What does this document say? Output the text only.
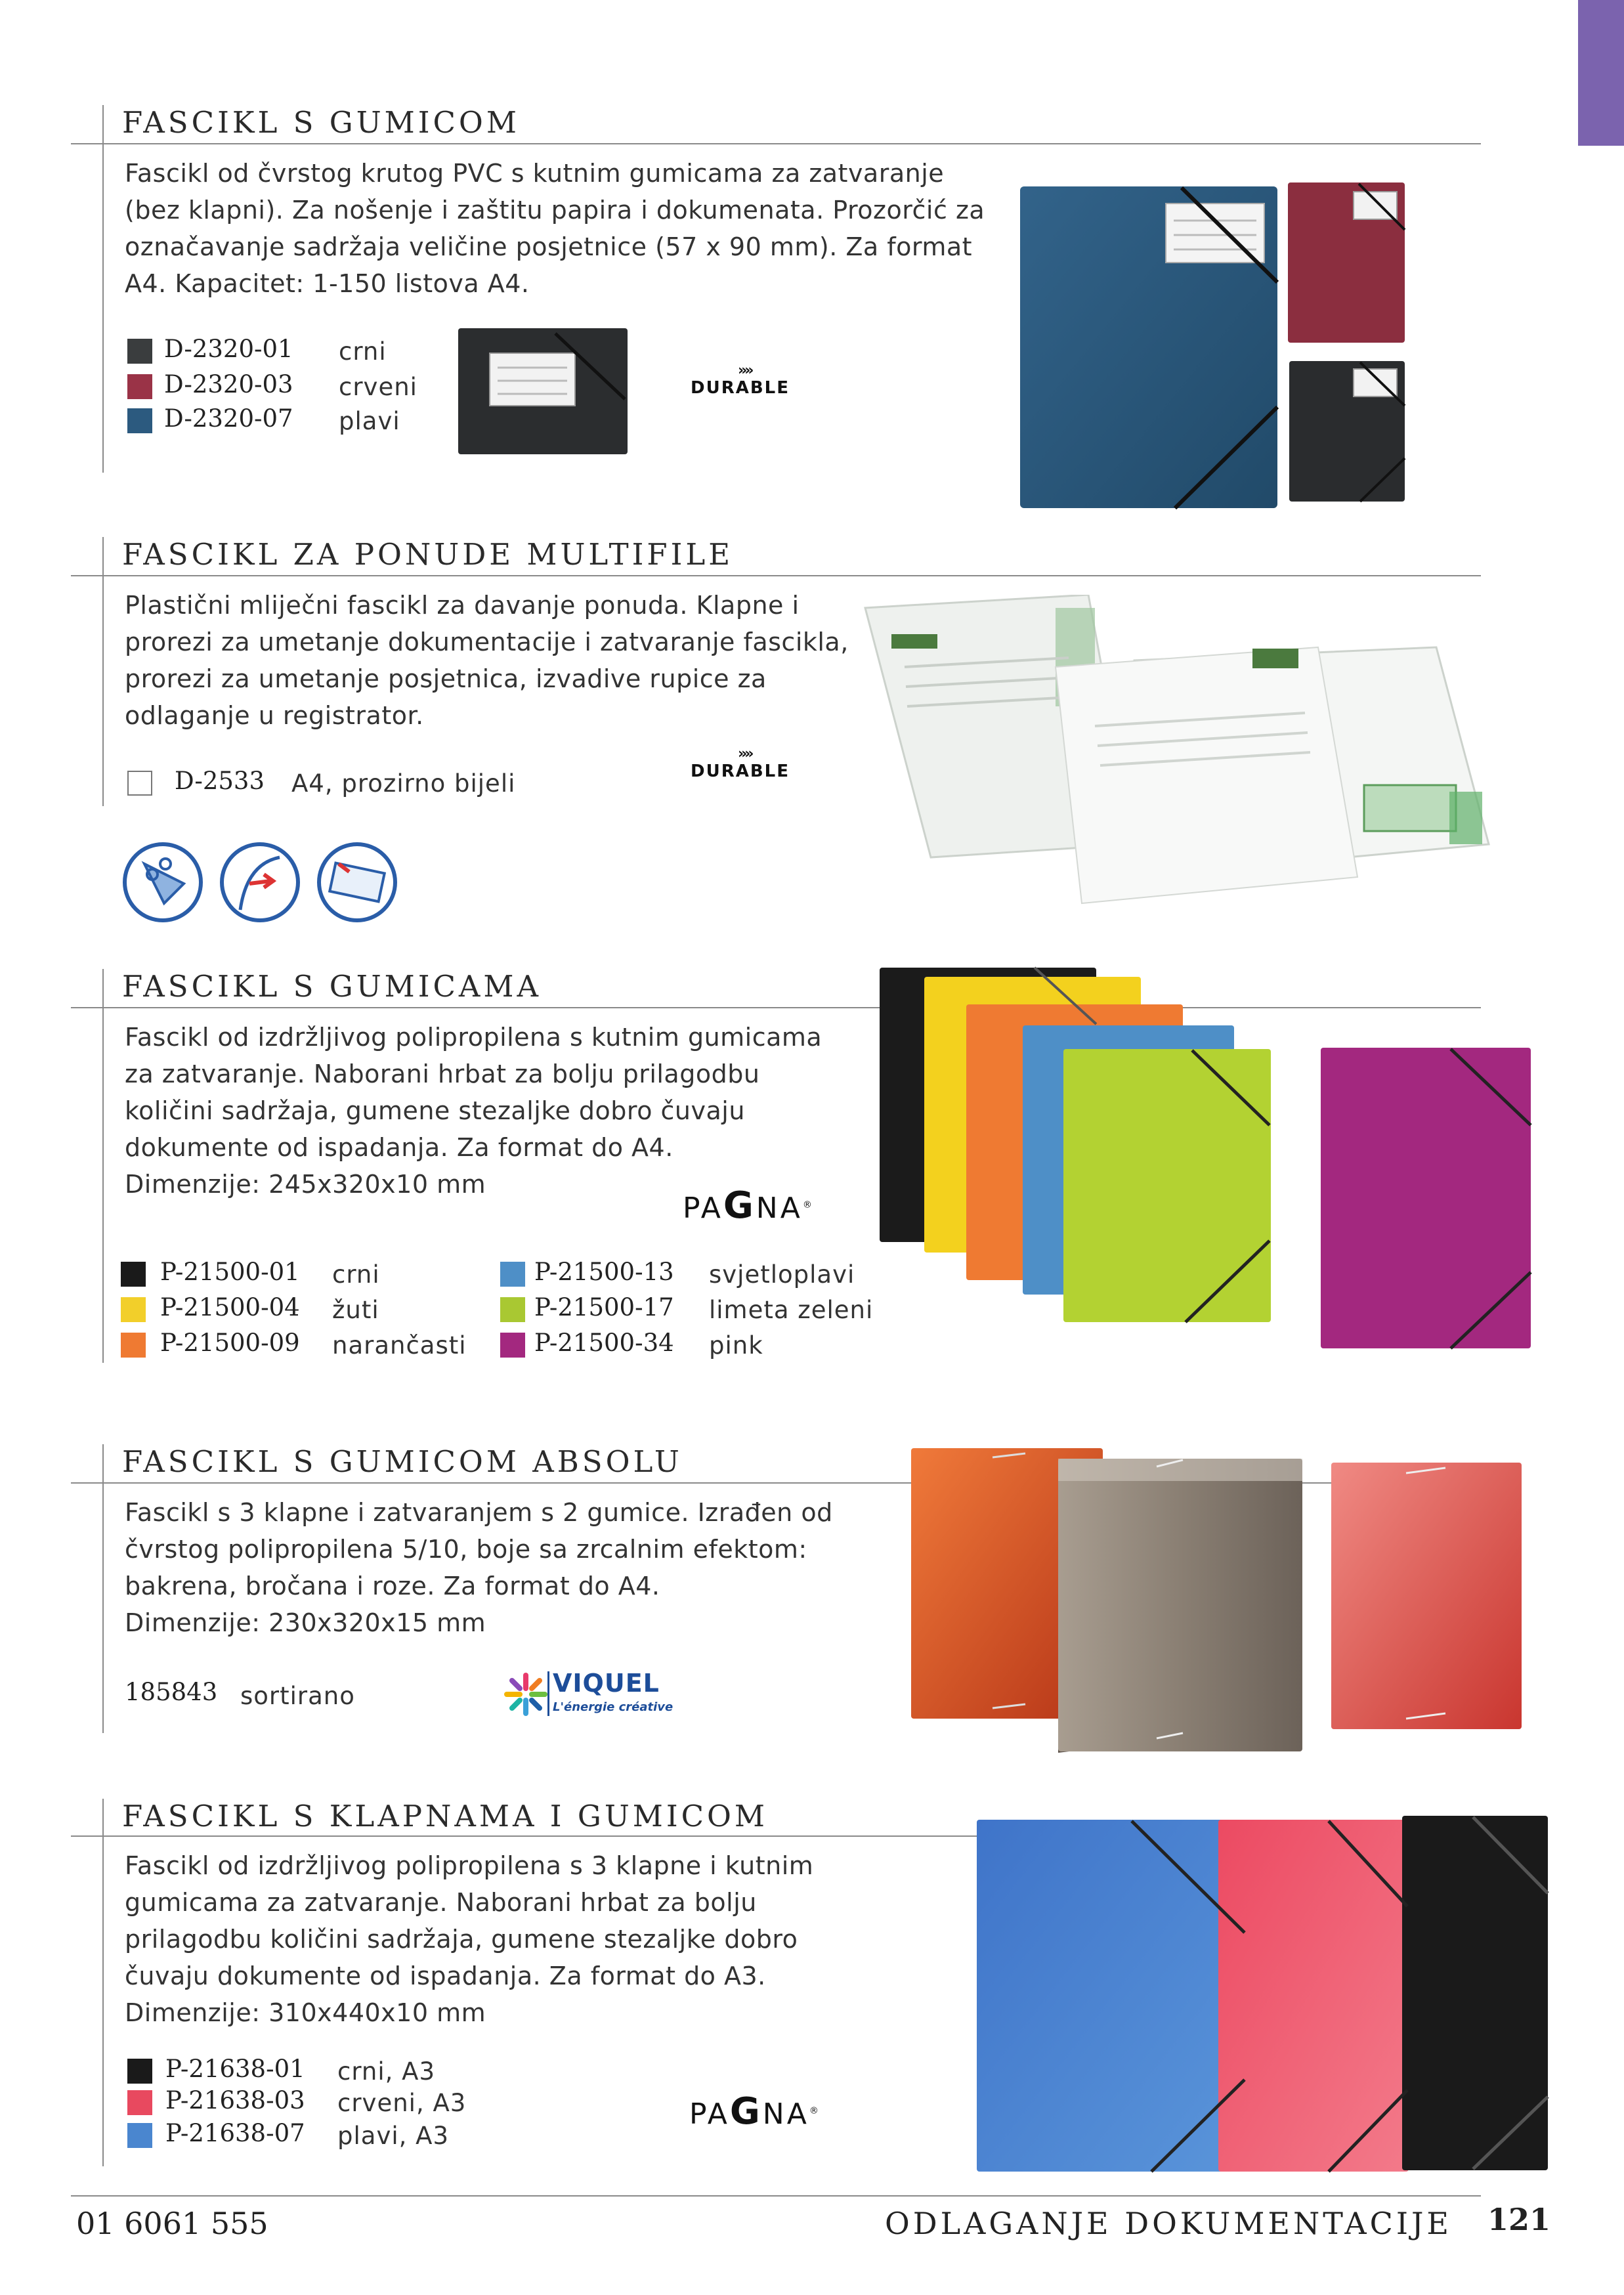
FASCIKL S GUMICOM
Fascikl od čvrstog krutog PVC s kutnim gumicama za zatvaranje
(bez klapni). Za nošenje i zaštitu papira i dokumenata. Prozorčić za
označavanje sadržaja veličine posjetnice (57 x 90 mm). Za format
A4. Kapacitet: 1-150 listova A4.
D-2320-01
D-2320-03
D-2320-07
crni
crveni
plavi
»»
DURABLE
FASCIKL ZA PONUDE MULTIFILE
Plastični mliječni fascikl za davanje ponuda. Klapne i
prorezi za umetanje dokumentacije i zatvaranje fascikla,
prorezi za umetanje posjetnica, izvadive rupice za
odlaganje u registrator.
D-2533 A4, prozirno bijeli
»»
DURABLE
FASCIKL S GUMICAMA
Fascikl od izdržljivog polipropilena s kutnim gumicama
za zatvaranje. Naborani hrbat za bolju prilagodbu
količini sadržaja, gumene stezaljke dobro čuvaju
dokumente od ispadanja. Za format do A4.
Dimenzije: 245x320x10 mm
PAGNA®
P-21500-01
P-21500-04
P-21500-09
crni
žuti
narančasti
P-21500-13
P-21500-17
P-21500-34
svjetloplavi
limeta zeleni
pink
FASCIKL S GUMICOM ABSOLU
Fascikl s 3 klapne i zatvaranjem s 2 gumice. Izrađen od
čvrstog polipropilena 5/10, boje sa zrcalnim efektom:
bakrena, bročana i roze. Za format do A4.
Dimenzije: 230x320x15 mm
185843 sortirano	VIQUEL
L'énergie créative
FASCIKL S KLAPNAMA I GUMICOM
Fascikl od izdržljivog polipropilena s 3 klapne i kutnim
gumicama za zatvaranje. Naborani hrbat za bolju
prilagodbu količini sadržaja, gumene stezaljke dobro
čuvaju dokumente od ispadanja. Za format do A3.
Dimenzije: 310x440x10 mm
P-21638-01
P-21638-03
P-21638-07
crni, A3
crveni, A3
plavi, A3
PAGNA®
01 6061 555	ODLAGANJE DOKUMENTACIJE 121
